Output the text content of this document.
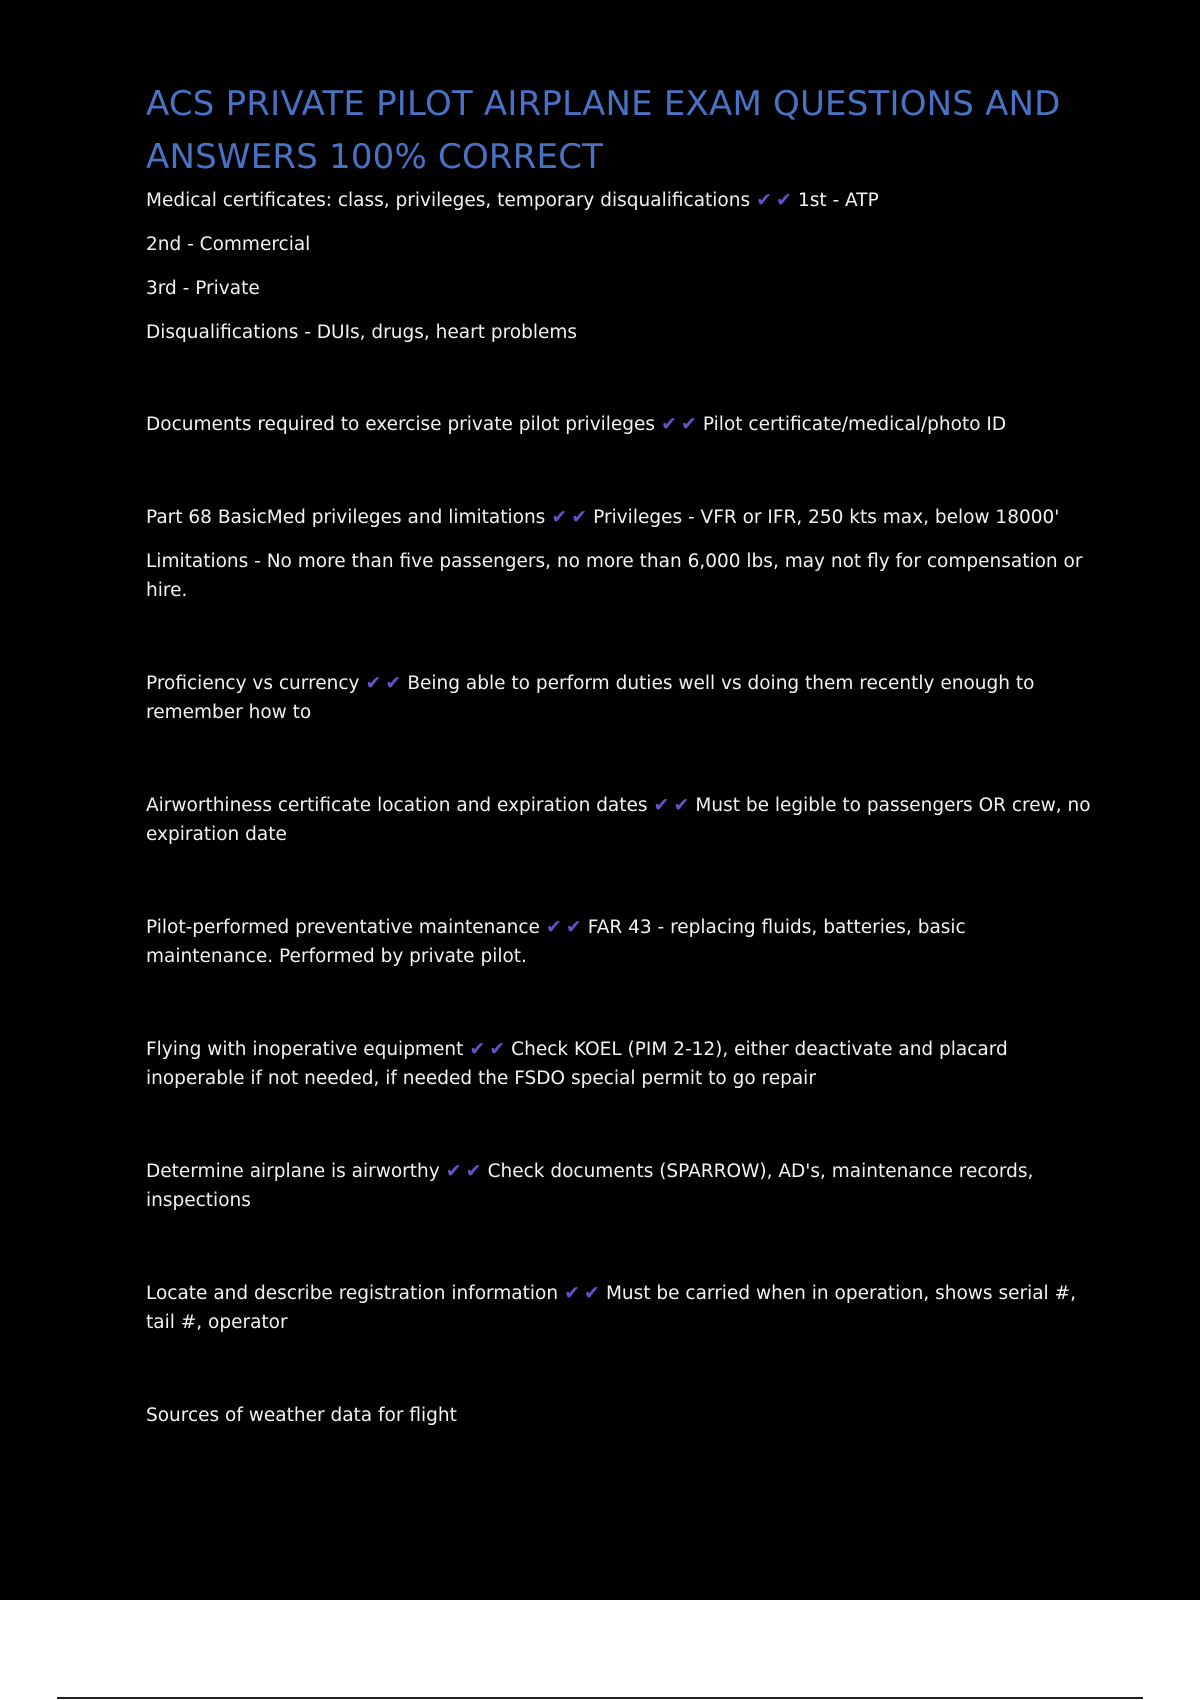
ACS PRIVATE PILOT AIRPLANE EXAM QUESTIONS AND ANSWERS 100% CORRECT

Medical certificates: class, privileges, temporary disqualifications ✔ ✔ 1st - ATP

2nd - Commercial

3rd - Private

Disqualifications - DUIs, drugs, heart problems

Documents required to exercise private pilot privileges ✔ ✔ Pilot certificate/medical/photo ID

Part 68 BasicMed privileges and limitations ✔ ✔ Privileges - VFR or IFR, 250 kts max, below 18000'

Limitations - No more than five passengers, no more than 6,000 lbs, may not fly for compensation or hire.

Proficiency vs currency ✔ ✔ Being able to perform duties well vs doing them recently enough to remember how to

Airworthiness certificate location and expiration dates ✔ ✔ Must be legible to passengers OR crew, no expiration date

Pilot-performed preventative maintenance ✔ ✔ FAR 43 - replacing fluids, batteries, basic maintenance. Performed by private pilot.

Flying with inoperative equipment ✔ ✔ Check KOEL (PIM 2-12), either deactivate and placard inoperable if not needed, if needed the FSDO special permit to go repair

Determine airplane is airworthy ✔ ✔ Check documents (SPARROW), AD's, maintenance records, inspections

Locate and describe registration information ✔ ✔ Must be carried when in operation, shows serial #, tail #, operator

Sources of weather data for flight
